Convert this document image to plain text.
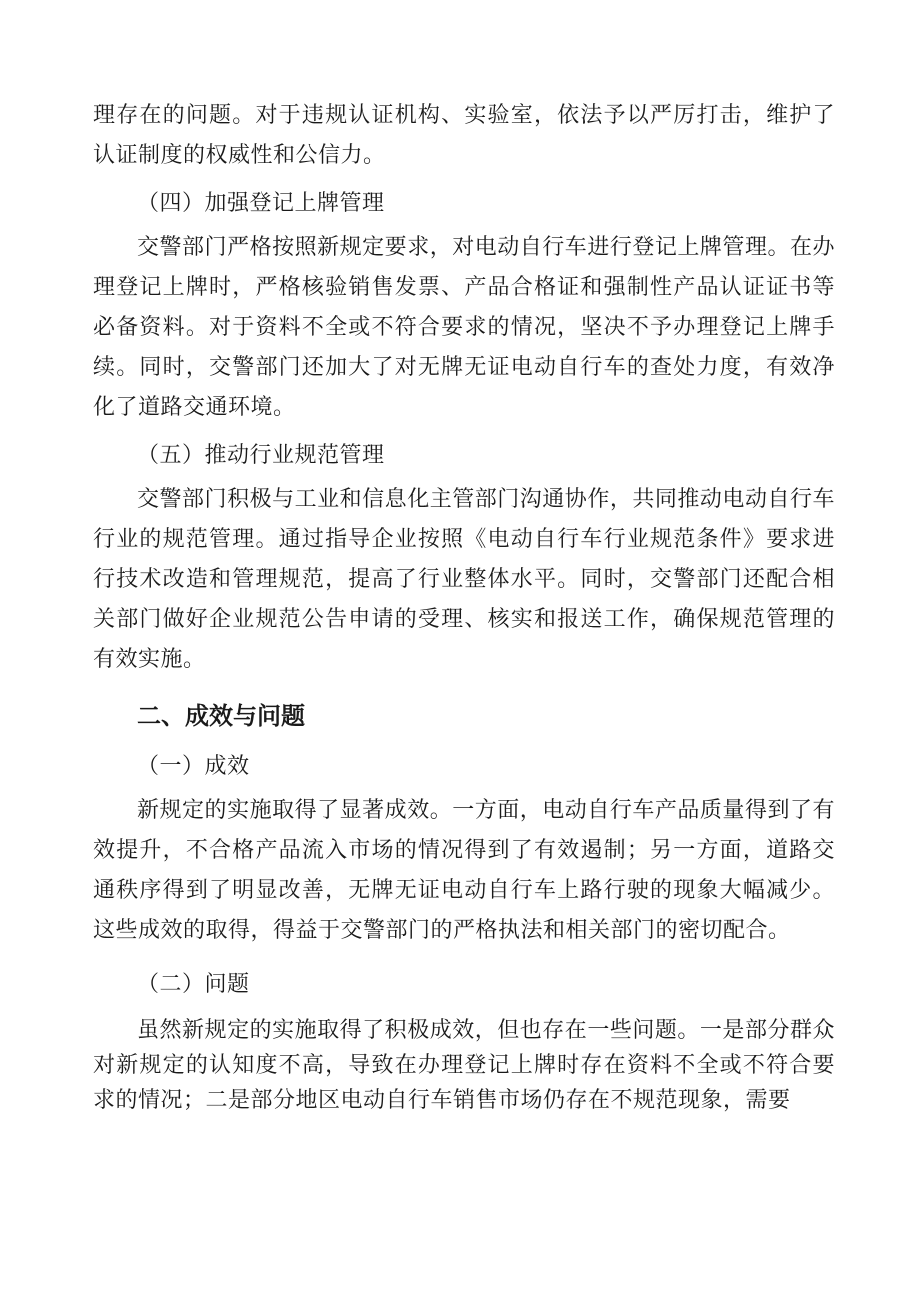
理存在的问题。对于违规认证机构、实验室，依法予以严厉打击，维护了认证制度的权威性和公信力。

（四）加强登记上牌管理

交警部门严格按照新规定要求，对电动自行车进行登记上牌管理。在办理登记上牌时，严格核验销售发票、产品合格证和强制性产品认证证书等必备资料。对于资料不全或不符合要求的情况，坚决不予办理登记上牌手续。同时，交警部门还加大了对无牌无证电动自行车的查处力度，有效净化了道路交通环境。

（五）推动行业规范管理

交警部门积极与工业和信息化主管部门沟通协作，共同推动电动自行车行业的规范管理。通过指导企业按照《电动自行车行业规范条件》要求进行技术改造和管理规范，提高了行业整体水平。同时，交警部门还配合相关部门做好企业规范公告申请的受理、核实和报送工作，确保规范管理的有效实施。

二、成效与问题

（一）成效

新规定的实施取得了显著成效。一方面，电动自行车产品质量得到了有效提升，不合格产品流入市场的情况得到了有效遏制；另一方面，道路交通秩序得到了明显改善，无牌无证电动自行车上路行驶的现象大幅减少。这些成效的取得，得益于交警部门的严格执法和相关部门的密切配合。

（二）问题

虽然新规定的实施取得了积极成效，但也存在一些问题。一是部分群众对新规定的认知度不高，导致在办理登记上牌时存在资料不全或不符合要求的情况；二是部分地区电动自行车销售市场仍存在不规范现象，需要
